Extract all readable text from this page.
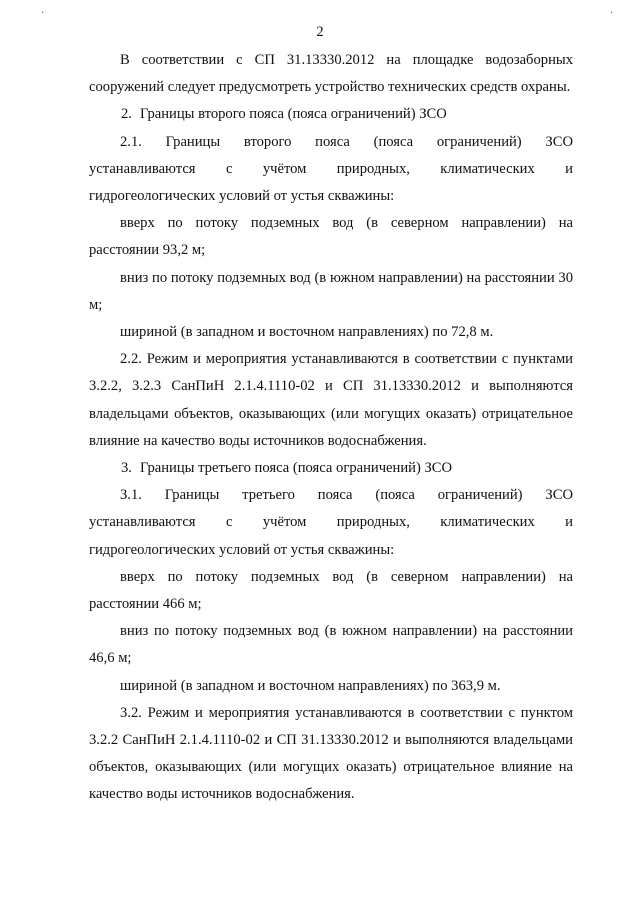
2
·	·

В соответствии с СП 31.13330.2012 на площадке водозаборных сооружений следует предусмотреть устройство технических средств охраны.

2. Границы второго пояса (пояса ограничений) ЗСО

2.1. Границы второго пояса (пояса ограничений) ЗСО

устанавливаются с учётом природных, климатических и

гидрогеологических условий от устья скважины:

вверх по потоку подземных вод (в северном направлении) на расстоянии 93,2 м;

вниз по потоку подземных вод (в южном направлении) на расстоянии 30 м;

шириной (в западном и восточном направлениях) по 72,8 м.

2.2. Режим и мероприятия устанавливаются в соответствии с пунктами 3.2.2, 3.2.3 СанПиН 2.1.4.1110-02 и СП 31.13330.2012 и выполняются владельцами объектов, оказывающих (или могущих оказать) отрицательное влияние на качество воды источников водоснабжения.

3. Границы третьего пояса (пояса ограничений) ЗСО

3.1. Границы третьего пояса (пояса ограничений) ЗСО

устанавливаются с учётом природных, климатических и

гидрогеологических условий от устья скважины:

вверх по потоку подземных вод (в северном направлении) на расстоянии 466 м;

вниз по потоку подземных вод (в южном направлении) на расстоянии 46,6 м;

шириной (в западном и восточном направлениях) по 363,9 м.

3.2. Режим и мероприятия устанавливаются в соответствии с пунктом 3.2.2 СанПиН 2.1.4.1110-02 и СП 31.13330.2012 и выполняются владельцами объектов, оказывающих (или могущих оказать) отрицательное влияние на качество воды источников водоснабжения.
